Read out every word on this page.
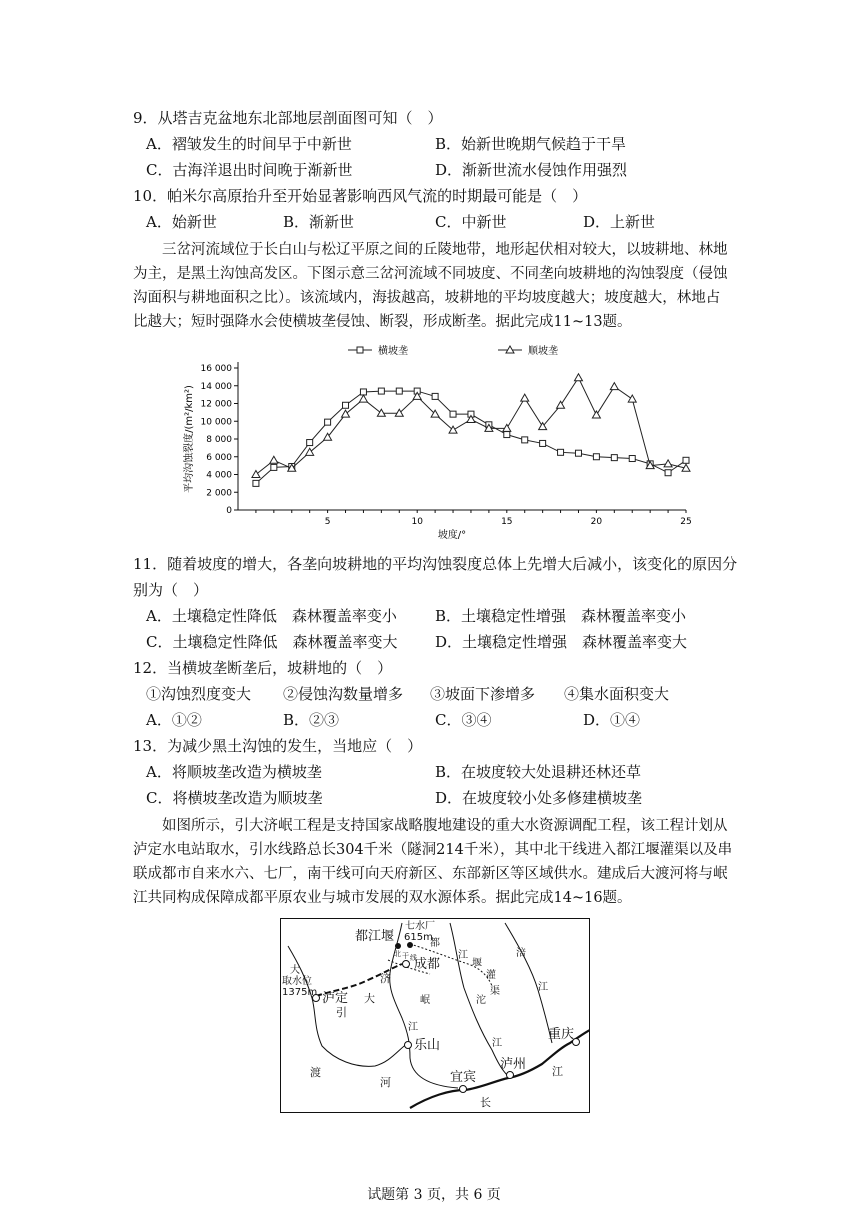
9．从塔吉克盆地东北部地层剖面图可知（　）
A．褶皱发生的时间早于中新世	B．始新世晚期气候趋于干旱
C．古海洋退出时间晚于渐新世	D．渐新世流水侵蚀作用强烈
10．帕米尔高原抬升至开始显著影响西风气流的时期最可能是（　）
A．始新世	B．渐新世	C．中新世	D．上新世
三岔河流域位于长白山与松辽平原之间的丘陵地带，地形起伏相对较大，以坡耕地、林地为主，是黑土沟蚀高发区。下图示意三岔河流域不同坡度、不同垄向坡耕地的沟蚀裂度（侵蚀沟面积与耕地面积之比）。该流域内，海拔越高，坡耕地的平均坡度越大；坡度越大，林地占比越大；短时强降水会使横坡垄侵蚀、断裂，形成断垄。据此完成11~13题。
横坡垄	顺坡垄
0
2 000
4 000
6 000
8 000
10 000
12 000
14 000
16 000
5	10	15	20	25
坡度/°
平均沟蚀裂度/(m²/km²)
11．随着坡度的增大，各垄向坡耕地的平均沟蚀裂度总体上先增大后减小，该变化的原因分
别为（　）
A．土壤稳定性降低　森林覆盖率变小	B．土壤稳定性增强　森林覆盖率变小
C．土壤稳定性降低　森林覆盖率变大	D．土壤稳定性增强　森林覆盖率变大
12．当横坡垄断垄后，坡耕地的（　）
①沟蚀烈度变大 ②侵蚀沟数量增多 ③坡面下渗增多 ④集水面积变大
A．①②	B．②③	C．③④	D．①④
13．为减少黑土沟蚀的发生，当地应（　）
A．将顺坡垄改造为横坡垄	B．在坡度较大处退耕还林还草
C．将横坡垄改造为顺坡垄	D．在坡度较小处多修建横坡垄
如图所示，引大济岷工程是支持国家战略腹地建设的重大水资源调配工程，该工程计划从泸定水电站取水，引水线路总长304千米（隧洞214千米），其中北干线进入都江堰灌渠以及串联成都市自来水六、七厂，南干线可向天府新区、东部新区等区域供水。建成后大渡河将与岷江共同构成保障成都平原农业与城市发展的双水源体系。据此完成14~16题。
都江堰
成都
泸定
乐山
重庆
宜宾
泸州
大
取水位
1375m
七水厂
615m
渡
河
岷
江
沱
江
涪
江
长
江
都
江
堰
灌
渠
引
大
济
北 干 线
试题第 3 页，共 6 页
